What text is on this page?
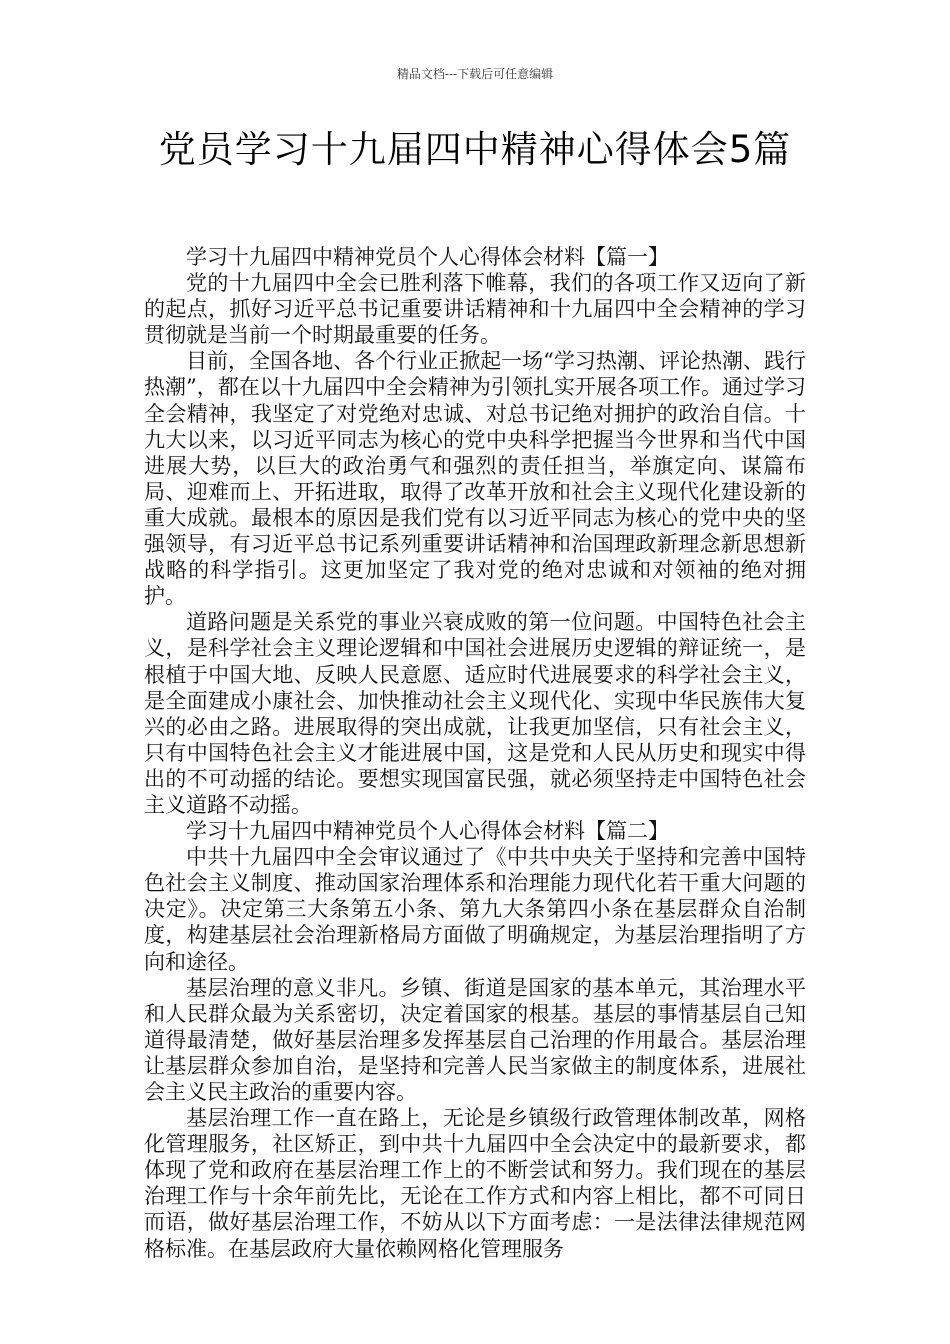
精品文档---下载后可任意编辑
党员学习十九届四中精神心得体会5篇

学习十九届四中精神党员个人心得体会材料【篇一】

党的十九届四中全会已胜利落下帷幕，我们的各项工作又迈向了新的起点，抓好习近平总书记重要讲话精神和十九届四中全会精神的学习贯彻就是当前一个时期最重要的任务。

目前，全国各地、各个行业正掀起一场“学习热潮、评论热潮、践行热潮”，都在以十九届四中全会精神为引领扎实开展各项工作。通过学习全会精神，我坚定了对党绝对忠诚、对总书记绝对拥护的政治自信。十九大以来，以习近平同志为核心的党中央科学把握当今世界和当代中国进展大势，以巨大的政治勇气和强烈的责任担当，举旗定向、谋篇布局、迎难而上、开拓进取，取得了改革开放和社会主义现代化建设新的重大成就。最根本的原因是我们党有以习近平同志为核心的党中央的坚强领导，有习近平总书记系列重要讲话精神和治国理政新理念新思想新战略的科学指引。这更加坚定了我对党的绝对忠诚和对领袖的绝对拥护。

道路问题是关系党的事业兴衰成败的第一位问题。中国特色社会主义，是科学社会主义理论逻辑和中国社会进展历史逻辑的辩证统一，是根植于中国大地、反映人民意愿、适应时代进展要求的科学社会主义，是全面建成小康社会、加快推动社会主义现代化、实现中华民族伟大复兴的必由之路。进展取得的突出成就，让我更加坚信，只有社会主义，只有中国特色社会主义才能进展中国，这是党和人民从历史和现实中得出的不可动摇的结论。要想实现国富民强，就必须坚持走中国特色社会主义道路不动摇。

学习十九届四中精神党员个人心得体会材料【篇二】

中共十九届四中全会审议通过了《中共中央关于坚持和完善中国特色社会主义制度、推动国家治理体系和治理能力现代化若干重大问题的决定》。决定第三大条第五小条、第九大条第四小条在基层群众自治制度，构建基层社会治理新格局方面做了明确规定，为基层治理指明了方向和途径。

基层治理的意义非凡。乡镇、街道是国家的基本单元，其治理水平和人民群众最为关系密切，决定着国家的根基。基层的事情基层自己知道得最清楚，做好基层治理多发挥基层自己治理的作用最合。基层治理让基层群众参加自治，是坚持和完善人民当家做主的制度体系，进展社会主义民主政治的重要内容。

基层治理工作一直在路上，无论是乡镇级行政管理体制改革，网格化管理服务，社区矫正，到中共十九届四中全会决定中的最新要求，都体现了党和政府在基层治理工作上的不断尝试和努力。我们现在的基层治理工作与十余年前先比，无论在工作方式和内容上相比，都不可同日而语，做好基层治理工作，不妨从以下方面考虑：一是法律法律规范网格标准。在基层政府大量依赖网格化管理服务
